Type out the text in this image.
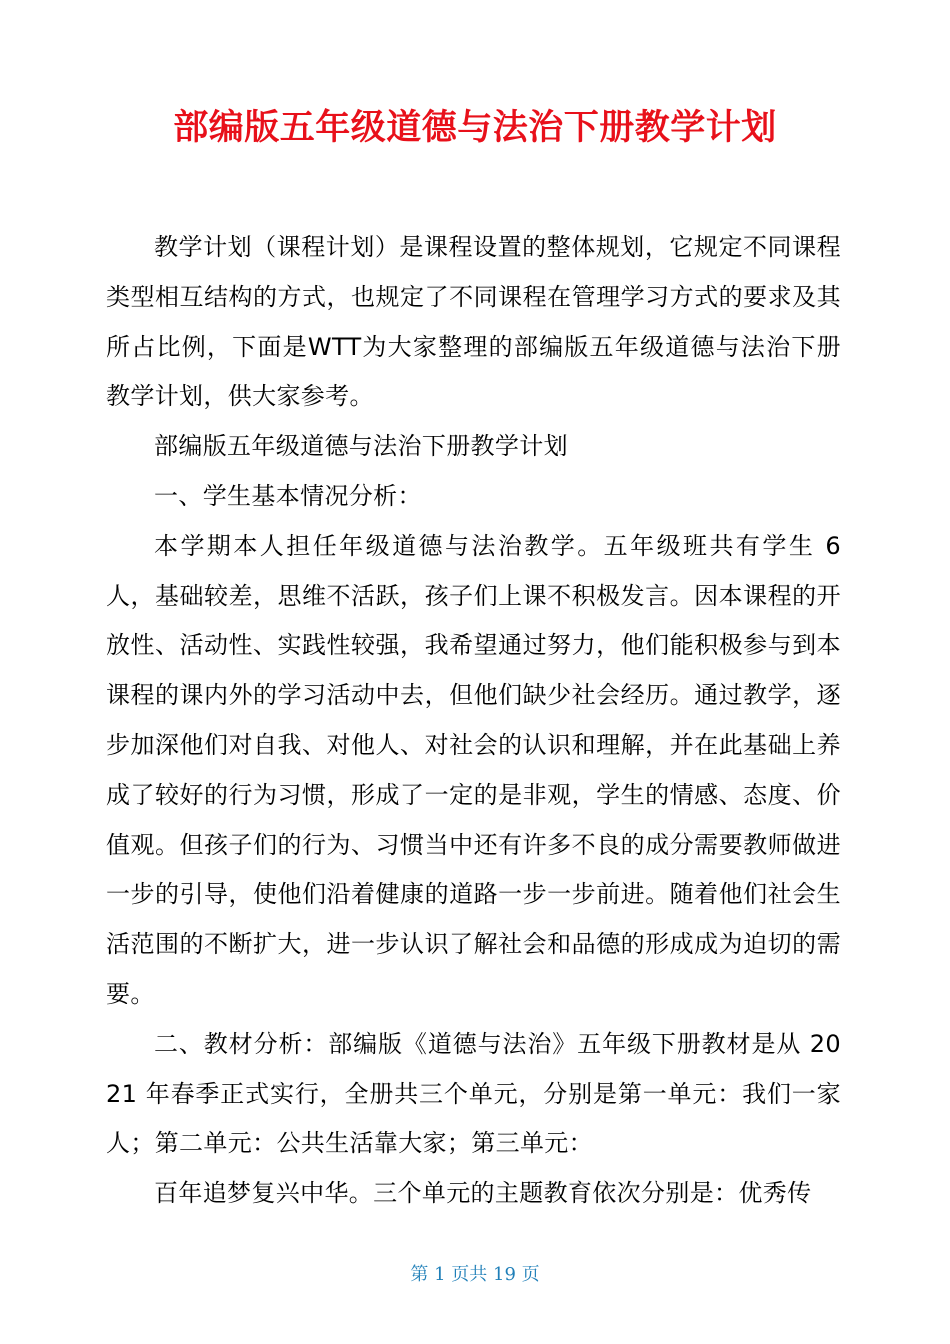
部编版五年级道德与法治下册教学计划

教学计划（课程计划）是课程设置的整体规划，它规定不同课程类型相互结构的方式，也规定了不同课程在管理学习方式的要求及其所占比例，下面是WTT为大家整理的部编版五年级道德与法治下册教学计划，供大家参考。

部编版五年级道德与法治下册教学计划

一、学生基本情况分析：

本学期本人担任年级道德与法治教学。五年级班共有学生 6 人，基础较差，思维不活跃，孩子们上课不积极发言。因本课程的开放性、活动性、实践性较强，我希望通过努力，他们能积极参与到本课程的课内外的学习活动中去，但他们缺少社会经历。通过教学，逐步加深他们对自我、对他人、对社会的认识和理解，并在此基础上养成了较好的行为习惯，形成了一定的是非观，学生的情感、态度、价值观。但孩子们的行为、习惯当中还有许多不良的成分需要教师做进一步的引导，使他们沿着健康的道路一步一步前进。随着他们社会生活范围的不断扩大，进一步认识了解社会和品德的形成成为迫切的需要。

二、教材分析：部编版《道德与法治》五年级下册教材是从 2021 年春季正式实行，全册共三个单元，分别是第一单元：我们一家人；第二单元：公共生活靠大家；第三单元：

百年追梦复兴中华。三个单元的主题教育依次分别是：优秀传

第 1 页共 19 页
